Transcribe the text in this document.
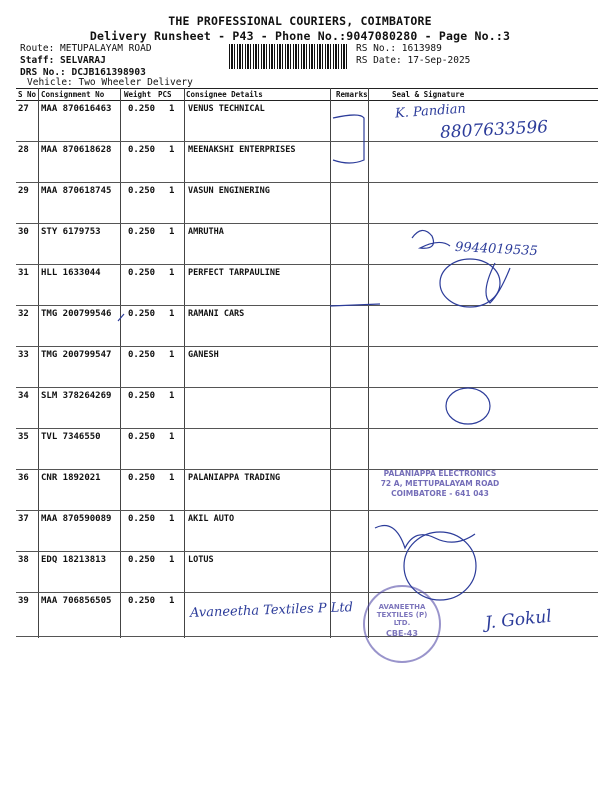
THE PROFESSIONAL COURIERS, COIMBATORE
Delivery Runsheet - P43 - Phone No.:9047080280 - Page No.:3
Route: METUPALAYAM ROAD
Staff: SELVARAJ
DRS No.: DCJB161398903
Vehicle: Two Wheeler Delivery
RS No.: 1613989
RS Date: 17-Sep-2025
S No Consignment No	Weight PCS Consignee Details	Remarks	Seal & Signature
27 MAA 870616463 0.250 1 VENUS TECHNICAL
28 MAA 870618628 0.250 1 MEENAKSHI ENTERPRISES
29 MAA 870618745 0.250 1 VASUN ENGINERING
30 STY 6179753	0.250 1 AMRUTHA
31 HLL 1633044	0.250 1 PERFECT TARPAULINE
32 TMG 200799546 0.250 1 RAMANI CARS
33 TMG 200799547 0.250 1 GANESH
34 SLM 378264269 0.250 1
35 TVL 7346550	0.250 1
36 CNR 1892021	0.250 1 PALANIAPPA TRADING
37 MAA 870590089 0.250 1 AKIL AUTO
38 EDQ 18213813 0.250 1 LOTUS
39 MAA 706856505 0.250 1
K. Pandian
8807633596
9944019535
Avaneetha Textiles P Ltd	J. Gokul
PALANIAPPA ELECTRONICS
72 A, METTUPALAYAM ROAD
COIMBATORE - 641 043
AVANEETHA TEXTILES (P) LTD.
CBE-43
